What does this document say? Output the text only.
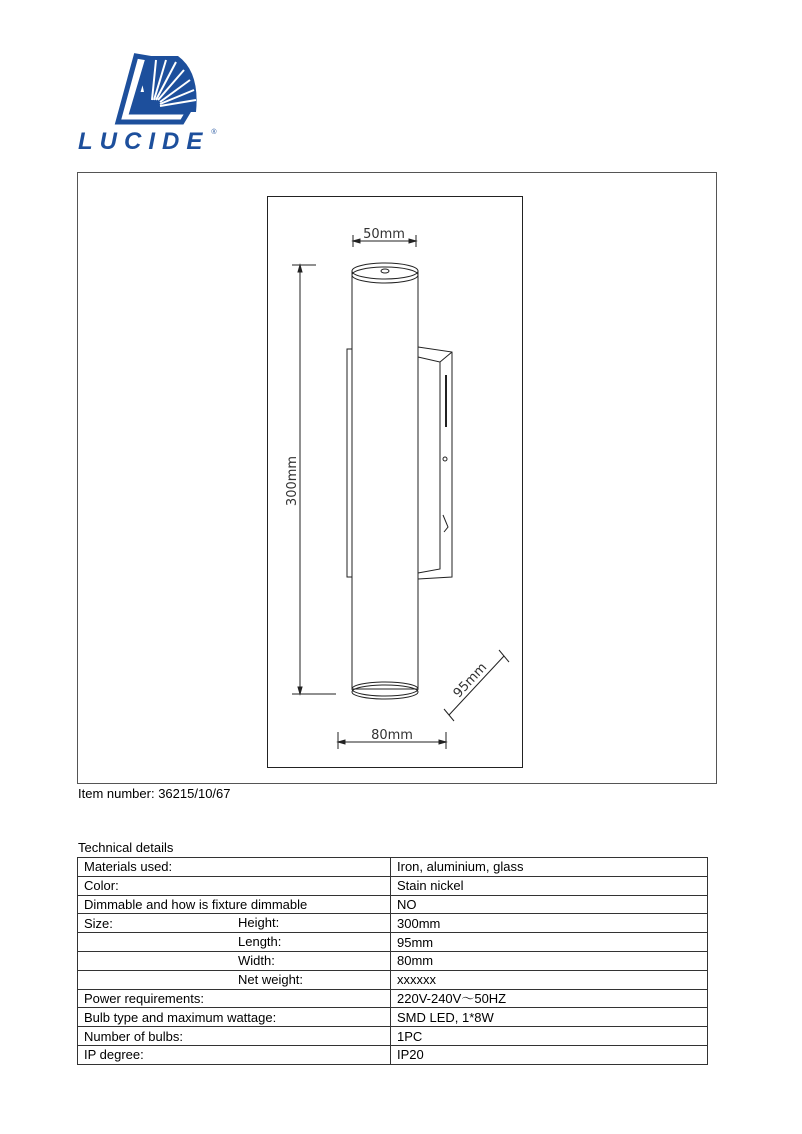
LUCIDE ®
50mm
300mm
80mm
95mm
Item number: 36215/10/67
Technical details
Materials used:	Iron, aluminium, glass
Color:	Stain nickel
Dimmable and how is fixture dimmable	NO
Size: Height:	300mm

Length:	95mm

Width:	80mm

Net weight:	xxxxxx
Power requirements:	220V-240V〜50HZ
Bulb type and maximum wattage:	SMD LED, 1*8W
Number of bulbs:	1PC
IP degree:	IP20
